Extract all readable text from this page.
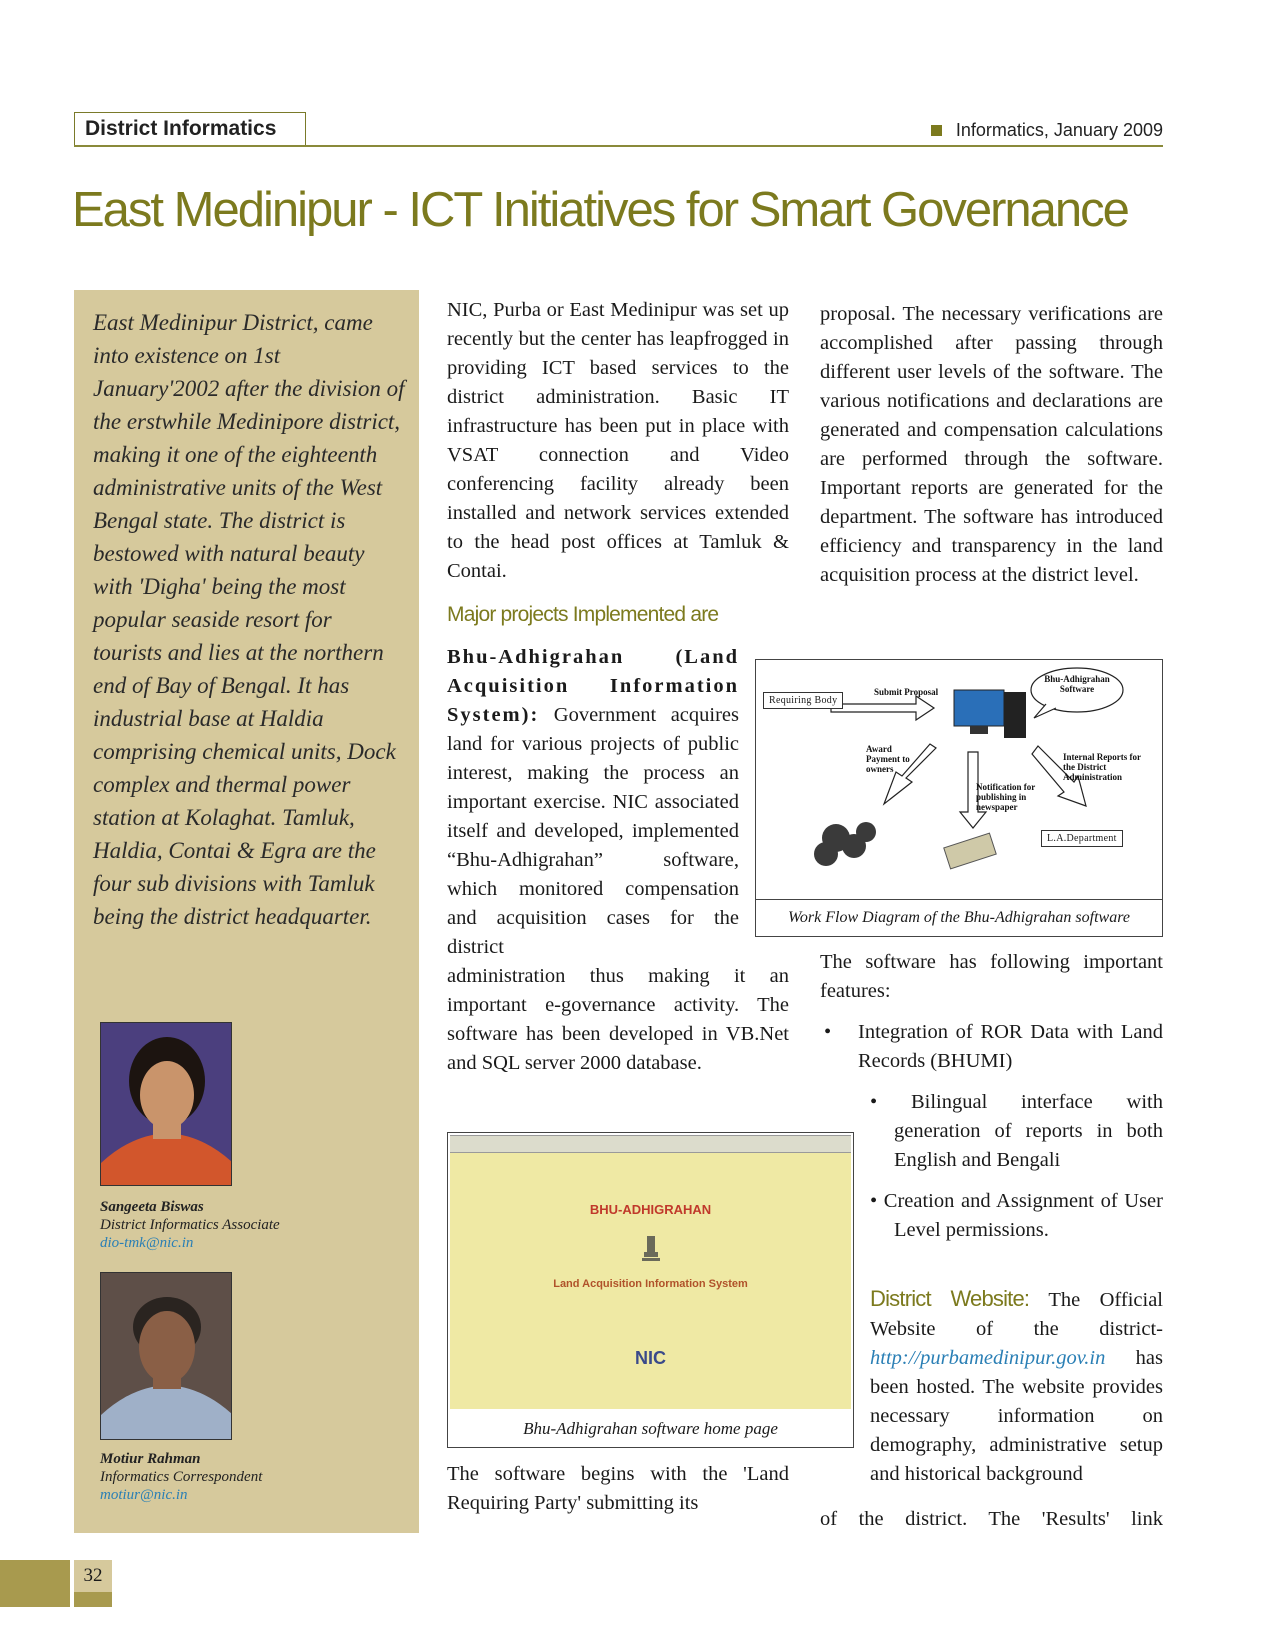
District Informatics	Informatics, January 2009
East Medinipur - ICT Initiatives for Smart Governance
East Medinipur District, came into existence on 1st January'2002 after the division of the erstwhile Medinipore district, making it one of the eighteenth administrative units of the West Bengal state. The district is bestowed with natural beauty with 'Digha' being the most popular seaside resort for tourists and lies at the northern end of Bay of Bengal. It has industrial base at Haldia comprising chemical units, Dock complex and thermal power station at Kolaghat. Tamluk, Haldia, Contai & Egra are the four sub divisions with Tamluk being the district headquarter.
Sangeeta Biswas
District Informatics Associate
dio-tmk@nic.in
Motiur Rahman
Informatics Correspondent
motiur@nic.in
NIC, Purba or East Medinipur was set up recently but the center has leapfrogged in providing ICT based services to the district administration. Basic IT infrastructure has been put in place with VSAT connection and Video conferencing facility already been installed and network services extended to the head post offices at Tamluk & Contai.
Major projects Implemented are
Bhu-Adhigrahan (Land Acquisition Information System): Government acquires land for various projects of public interest, making the process an important exercise. NIC associated itself and developed, implemented “Bhu-Adhigrahan” software, which monitored compensation and acquisition cases for the district
administration thus making it an important e-governance activity. The software has been developed in VB.Net and SQL server 2000 database.
BHU-ADHIGRAHAN
Land Acquisition Information System
NIC
Bhu-Adhigrahan software home page
The software begins with the 'Land Requiring Party' submitting its
proposal. The necessary verifications are accomplished after passing through different user levels of the software. The various notifications and declarations are generated and compensation calculations are performed through the software. Important reports are generated for the department. The software has introduced efficiency and transparency in the land acquisition process at the district level.
Requiring Body
Submit Proposal
Bhu-Adhigrahan Software
Award Payment to owners
Notification for publishing in newspaper
Internal Reports for the District Administration
L.A.Department
Work Flow Diagram of the Bhu-Adhigrahan software
The software has following important features:
• Integration of ROR Data with Land Records (BHUMI)
• Bilingual interface with generation of reports in both English and Bengali
• Creation and Assignment of User Level permissions.
District Website: The Official Website of the district- http://purbamedinipur.gov.in has been hosted. The website provides necessary information on demography, administrative setup and historical background
of the district. The 'Results' link
32
